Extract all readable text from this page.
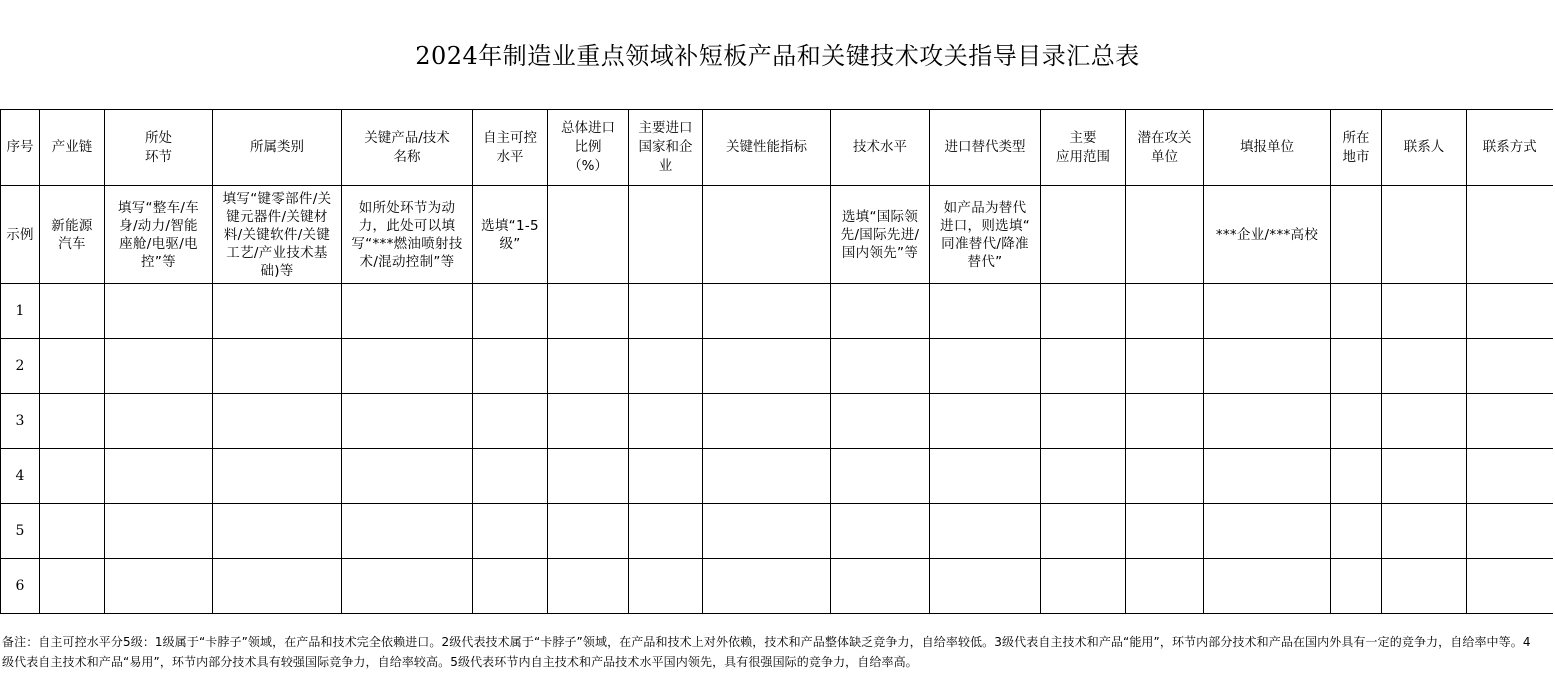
2024年制造业重点领域补短板产品和关键技术攻关指导目录汇总表
序号	产业链	所处
环节	所属类别	关键产品/技术
名称	自主可控
水平	总体进口
比例
（%）	主要进口
国家和企
业	关键性能指标	技术水平	进口替代类型	主要
应用范围	潜在攻关
单位	填报单位	所在
地市	联系人	联系方式
示例	新能源
汽车	填写“整车/车
身/动力/智能
座舱/电驱/电
控”等	填写“键零部件/关
键元器件/关键材
料/关键软件/关键
工艺/产业技术基
础)等	如所处环节为动
力，此处可以填
写“***燃油喷射技
术/混动控制”等	选填“1-5
级”				选填“国际领
先/国际先进/
国内领先”等	如产品为替代
进口，则选填“
同准替代/降准
替代”			***企业/***高校			
1																
2																
3																
4																
5																
6																
备注：自主可控水平分5级：1级属于“卡脖子”领域，在产品和技术完全依赖进口。2级代表技术属于“卡脖子”领域，在产品和技术上对外依赖，技术和产品整体缺乏竞争力，自给率较低。3级代表自主技术和产品“能用”，环节内部分技术和产品在国内外具有一定的竞争力，自给率中等。4级代表自主技术和产品“易用”，环节内部分技术具有较强国际竞争力，自给率较高。5级代表环节内自主技术和产品技术水平国内领先，具有很强国际的竞争力，自给率高。
